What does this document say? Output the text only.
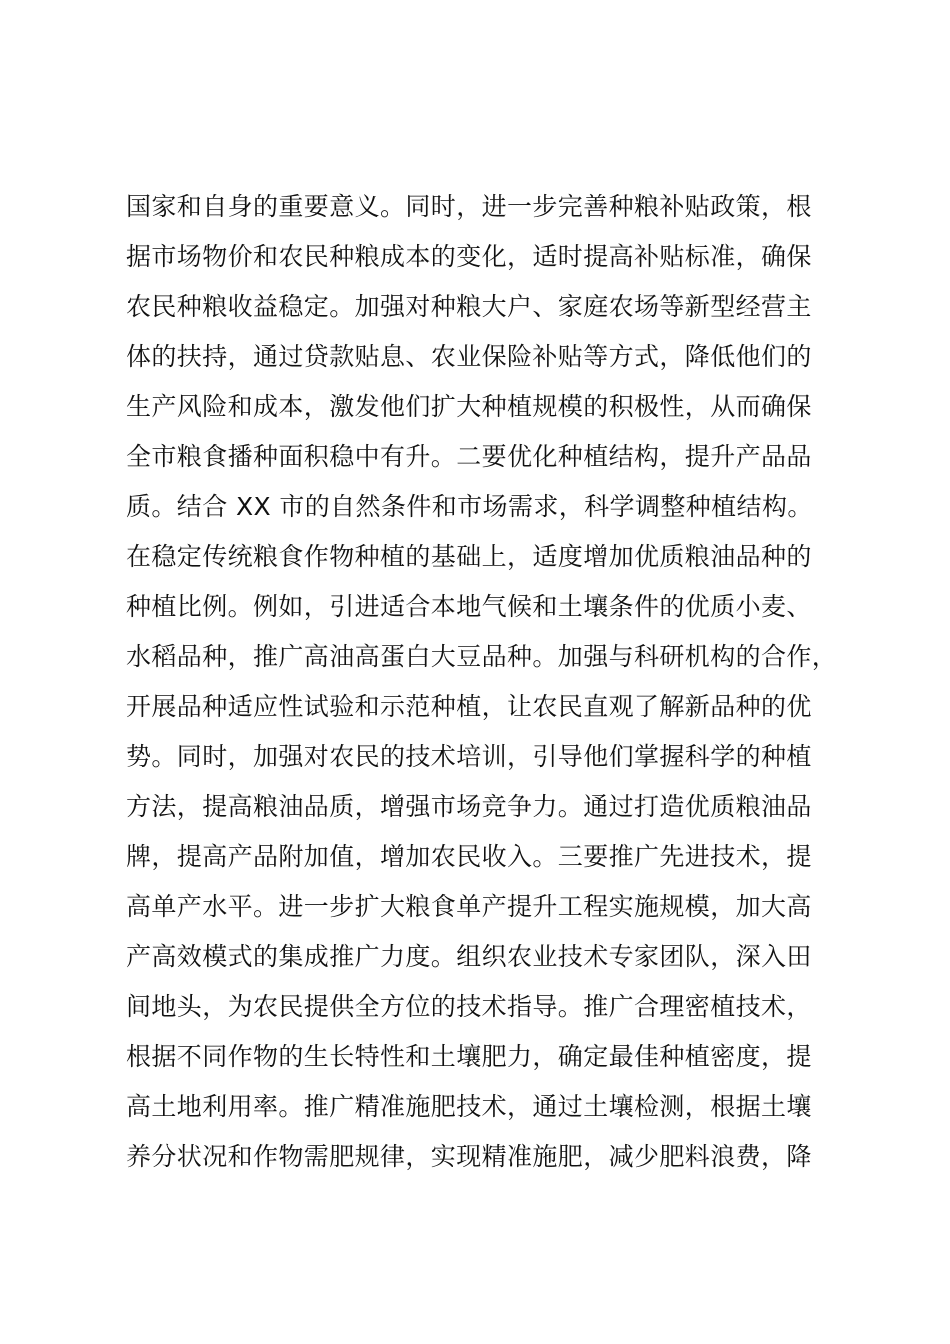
国家和自身的重要意义。同时，进一步完善种粮补贴政策，根
据市场物价和农民种粮成本的变化，适时提高补贴标准，确保
农民种粮收益稳定。加强对种粮大户、家庭农场等新型经营主
体的扶持，通过贷款贴息、农业保险补贴等方式，降低他们的
生产风险和成本，激发他们扩大种植规模的积极性，从而确保
全市粮食播种面积稳中有升。二要优化种植结构，提升产品品
质。结合 XX 市的自然条件和市场需求，科学调整种植结构。
在稳定传统粮食作物种植的基础上，适度增加优质粮油品种的
种植比例。例如，引进适合本地气候和土壤条件的优质小麦、
水稻品种，推广高油高蛋白大豆品种。加强与科研机构的合作，
开展品种适应性试验和示范种植，让农民直观了解新品种的优
势。同时，加强对农民的技术培训，引导他们掌握科学的种植
方法，提高粮油品质，增强市场竞争力。通过打造优质粮油品
牌，提高产品附加值，增加农民收入。三要推广先进技术，提
高单产水平。进一步扩大粮食单产提升工程实施规模，加大高
产高效模式的集成推广力度。组织农业技术专家团队，深入田
间地头，为农民提供全方位的技术指导。推广合理密植技术，
根据不同作物的生长特性和土壤肥力，确定最佳种植密度，提
高土地利用率。推广精准施肥技术，通过土壤检测，根据土壤
养分状况和作物需肥规律，实现精准施肥，减少肥料浪费，降
